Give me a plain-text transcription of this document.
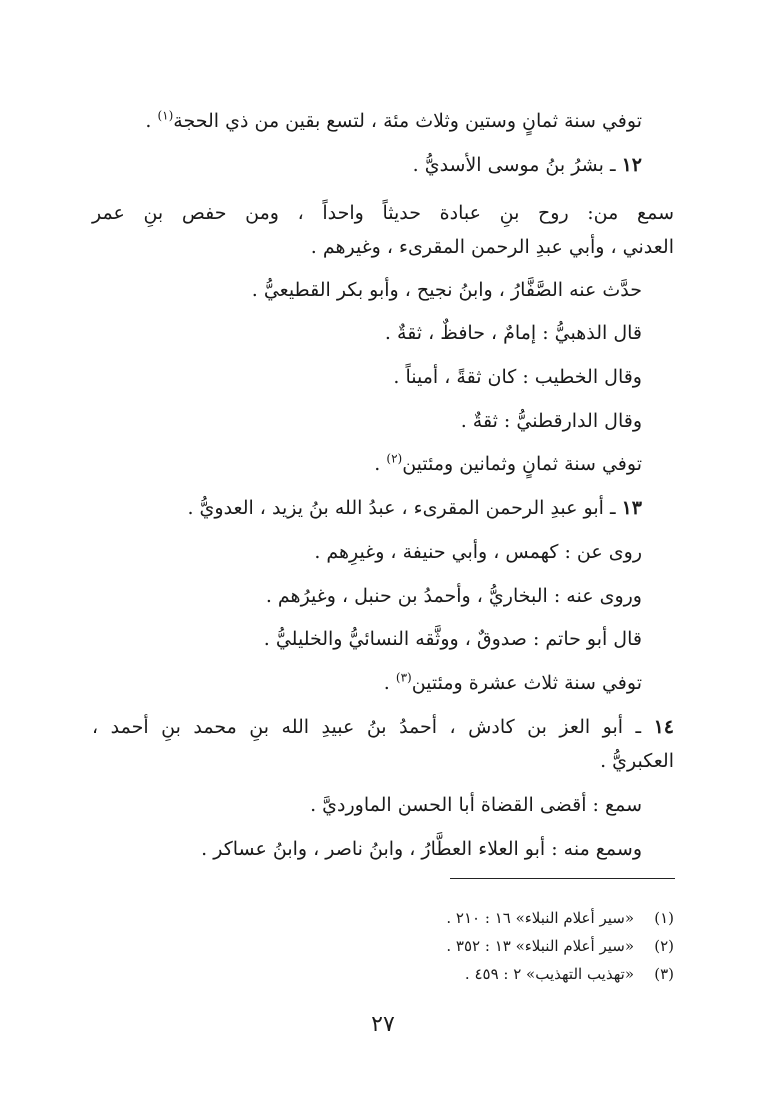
توفي سنة ثمانٍ وستين وثلاث مئة ، لتسع بقين من ذي الحجة$^{(١)}$ .
١٢ ـ بشرُ بنُ موسى الأسديُّ .
سمع من: روح بنِ عبادة حديثاً واحداً ، ومن حفص بنِ عمر
العدني ، وأبي عبدِ الرحمن المقرىء ، وغيرهم .
حدَّث عنه الصَّفَّارُ ، وابنُ نجيح ، وأبو بكر القطيعيُّ .
قال الذهبيُّ : إمامٌ ، حافظٌ ، ثقةٌ .
وقال الخطيب : كان ثقةً ، أميناً .
وقال الدارقطنيُّ : ثقةٌ .
توفي سنة ثمانٍ وثمانين ومئتين$^{(٢)}$ .
١٣ ـ أبو عبدِ الرحمن المقرىء ، عبدُ الله بنُ يزيد ، العدويُّ .
روى عن : كهمس ، وأبي حنيفة ، وغيرِهم .
وروى عنه : البخاريُّ ، وأحمدُ بن حنبل ، وغيرُهم .
قال أبو حاتم : صدوقٌ ، ووثَّقه النسائيُّ والخليليُّ .
توفي سنة ثلاث عشرة ومئتين$^{(٣)}$ .
١٤ ـ أبو العز بن كادش ، أحمدُ بنُ عبيدِ الله بنِ محمد بنِ أحمد ،
العكبريُّ .
سمع : أقضى القضاة أبا الحسن الماورديَّ .
وسمع منه : أبو العلاء العطَّارُ ، وابنُ ناصر ، وابنُ عساكر .
(١)«سير أعلام النبلاء» ١٦ : ٢١٠ .
(٢)«سير أعلام النبلاء» ١٣ : ٣٥٢ .
(٣)«تهذيب التهذيب» ٢ : ٤٥٩ .
٢٧
